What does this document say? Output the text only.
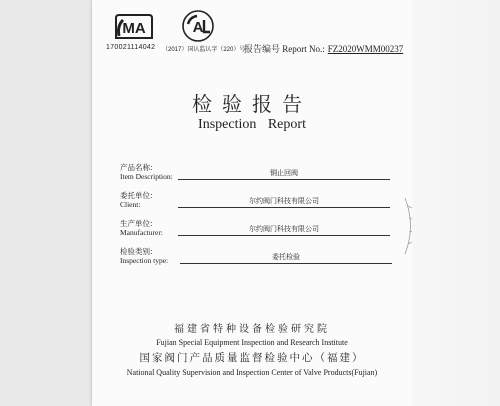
MA
170021114042
A
（2017）国认监认字（220）号
报告编号 Report No.: FZ2020WMM00237
检验报告
Inspection Report
产品名称:
Item Description:	铜止回阀
委托单位:
Client:	尔约阀门科技有限公司
生产单位:
Manufacturer:	尔约阀门科技有限公司
检验类别:
Inspection type:	委托检验
福建省特种设备检验研究院
Fujian Special Equipment Inspection and Research Institute
国家阀门产品质量监督检验中心（福建）
National Quality Supervision and Inspection Center of Valve Products(Fujian)
